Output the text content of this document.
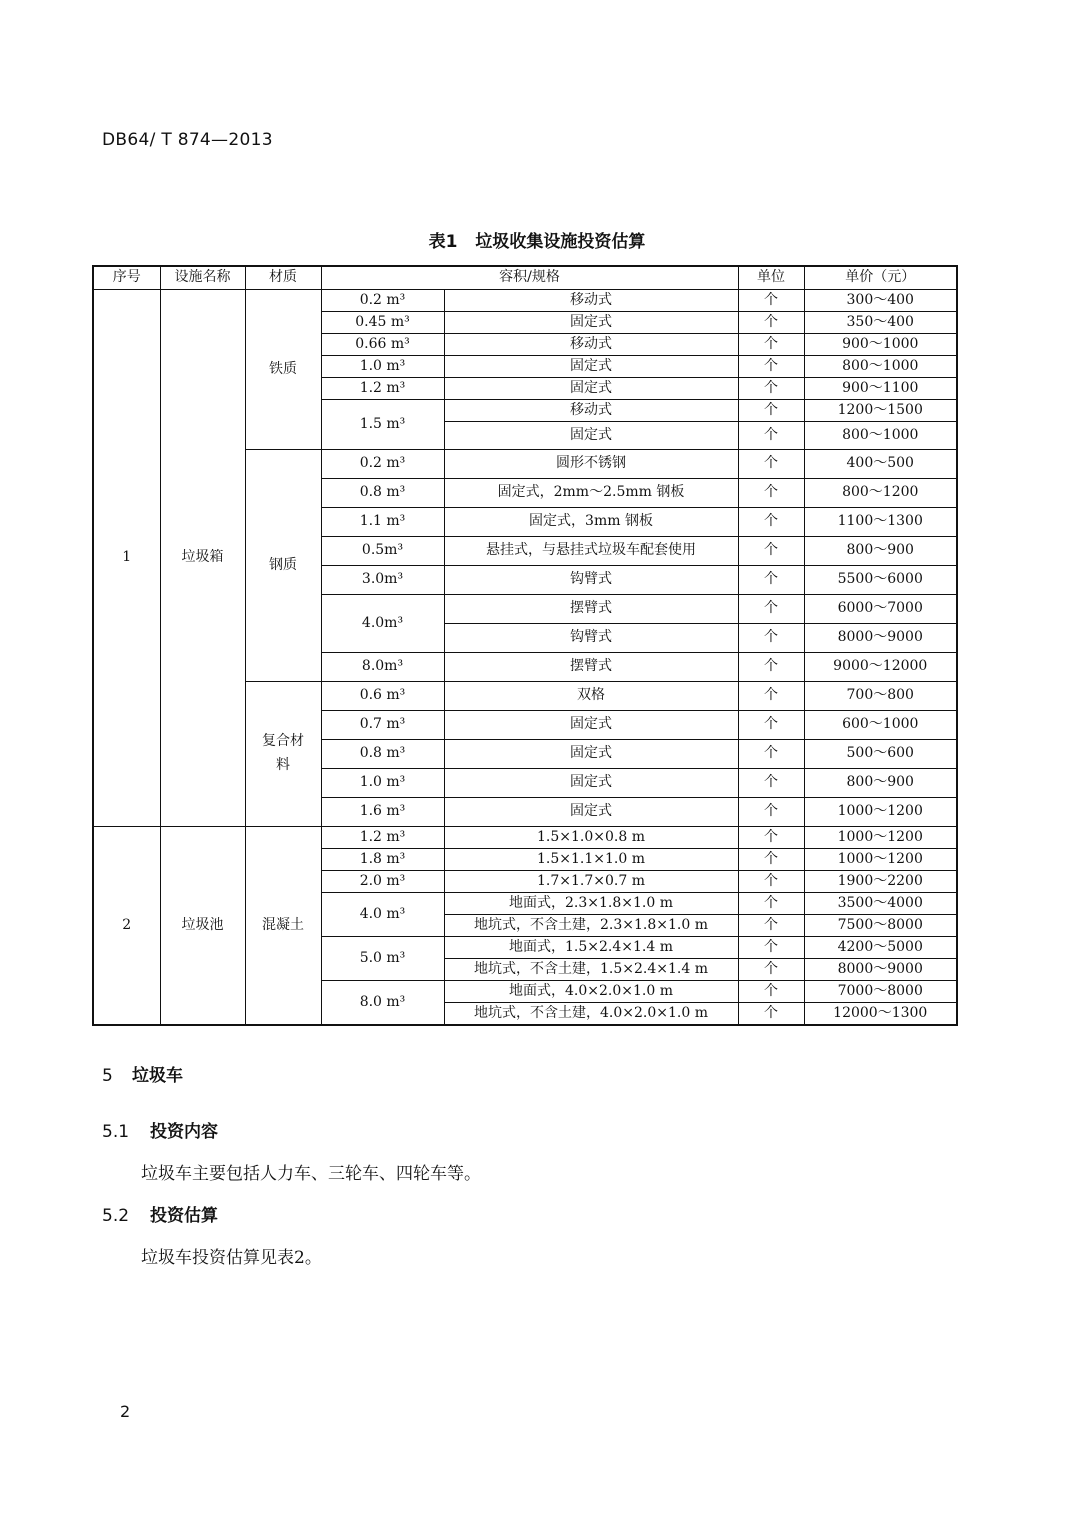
DB64/ T 874—2013
表1 垃圾收集设施投资估算
序号	设施名称	材质	容积/规格		单位	单价（元）
1	垃圾箱	铁质	0.2 m³	移动式	个	300～400
			0.45 m³	固定式	个	350～400
			0.66 m³	移动式	个	900～1000
			1.0 m³	固定式	个	800～1000
			1.2 m³	固定式	个	900～1100
			1.5 m³	移动式	个	1200～1500
				固定式	个	800～1000
		钢质	0.2 m³	圆形不锈钢	个	400～500
			0.8 m³	固定式，2mm～2.5mm 钢板	个	800～1200
			1.1 m³	固定式，3mm 钢板	个	1100～1300
			0.5m³	悬挂式，与悬挂式垃圾车配套使用	个	800～900
			3.0m³	钩臂式	个	5500～6000
			4.0m³	摆臂式	个	6000～7000
				钩臂式	个	8000～9000
			8.0m³	摆臂式	个	9000～12000
		复合材料	0.6 m³	双格	个	700～800
			0.7 m³	固定式	个	600～1000
			0.8 m³	固定式	个	500～600
			1.0 m³	固定式	个	800～900
			1.6 m³	固定式	个	1000～1200
2	垃圾池	混凝土	1.2 m³	1.5×1.0×0.8 m	个	1000～1200
			1.8 m³	1.5×1.1×1.0 m	个	1000～1200
			2.0 m³	1.7×1.7×0.7 m	个	1900～2200
			4.0 m³	地面式，2.3×1.8×1.0 m	个	3500～4000
				地坑式，不含土建，2.3×1.8×1.0 m	个	7500～8000
			5.0 m³	地面式，1.5×2.4×1.4 m	个	4200～5000
				地坑式，不含土建，1.5×2.4×1.4 m	个	8000～9000
			8.0 m³	地面式，4.0×2.0×1.0 m	个	7000～8000
				地坑式，不含土建，4.0×2.0×1.0 m	个	12000～1300
5 垃圾车
5.1 投资内容
垃圾车主要包括人力车、三轮车、四轮车等。
5.2 投资估算
垃圾车投资估算见表2。
2
